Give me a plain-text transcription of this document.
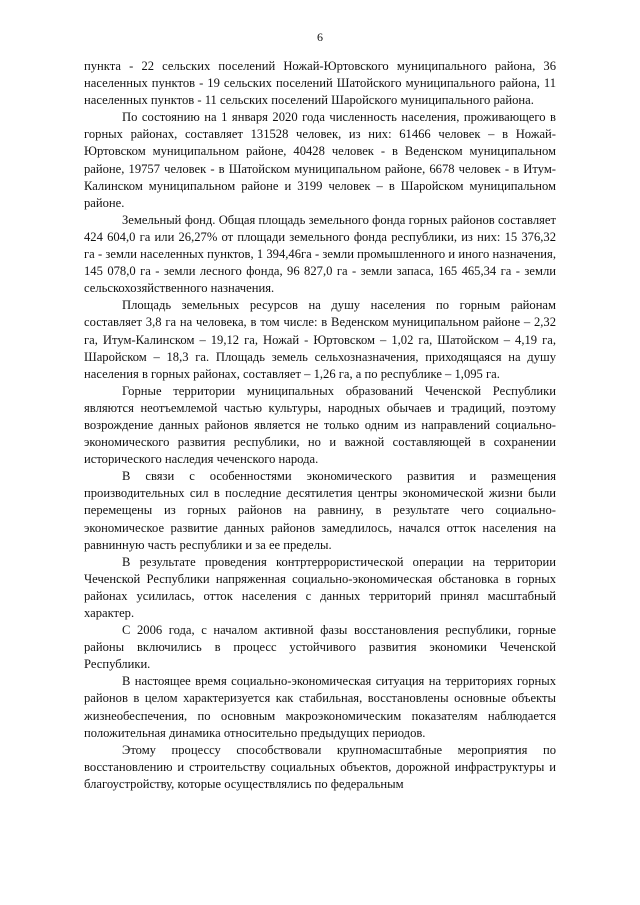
6

пункта - 22 сельских поселений Ножай-Юртовского муниципального района, 36 населенных пунктов - 19 сельских поселений Шатойского муниципального района, 11 населенных пунктов - 11 сельских поселений Шаройского муниципального района.

По состоянию на 1 января 2020 года численность населения, проживающего в горных районах, составляет 131528 человек, из них: 61466 человек – в Ножай-Юртовском муниципальном районе, 40428 человек - в Веденском муниципальном районе, 19757 человек - в Шатойском муниципальном районе, 6678 человек - в Итум-Калинском муниципальном районе и 3199 человек – в Шаройском муниципальном районе.

Земельный фонд. Общая площадь земельного фонда горных районов составляет 424 604,0 га или 26,27% от площади земельного фонда республики, из них: 15 376,32 га - земли населенных пунктов, 1 394,46га - земли промышленного и иного назначения, 145 078,0 га - земли лесного фонда, 96 827,0 га - земли запаса, 165 465,34 га - земли сельскохозяйственного назначения.

Площадь земельных ресурсов на душу населения по горным районам составляет 3,8 га на человека, в том числе: в Веденском муниципальном районе – 2,32 га, Итум-Калинском – 19,12 га, Ножай - Юртовском – 1,02 га, Шатойском – 4,19 га, Шаройском – 18,3 га. Площадь земель сельхозназначения, приходящаяся на душу населения в горных районах, составляет – 1,26 га, а по республике – 1,095 га.

Горные территории муниципальных образований Чеченской Республики являются неотъемлемой частью культуры, народных обычаев и традиций, поэтому возрождение данных районов является не только одним из направлений социально-экономического развития республики, но и важной составляющей в сохранении исторического наследия чеченского народа.

В связи с особенностями экономического развития и размещения производительных сил в последние десятилетия центры экономической жизни были перемещены из горных районов на равнину, в результате чего социально-экономическое развитие данных районов замедлилось, начался отток населения на равнинную часть республики и за ее пределы.

В результате проведения контртеррористической операции на территории Чеченской Республики напряженная социально-экономическая обстановка в горных районах усилилась, отток населения с данных территорий принял масштабный характер.

С 2006 года, с началом активной фазы восстановления республики, горные районы включились в процесс устойчивого развития экономики Чеченской Республики.

В настоящее время социально-экономическая ситуация на территориях горных районов в целом характеризуется как стабильная, восстановлены основные объекты жизнеобеспечения, по основным макроэкономическим показателям наблюдается положительная динамика относительно предыдущих периодов.

Этому процессу способствовали крупномасштабные мероприятия по восстановлению и строительству социальных объектов, дорожной инфраструктуры и благоустройству, которые осуществлялись по федеральным
